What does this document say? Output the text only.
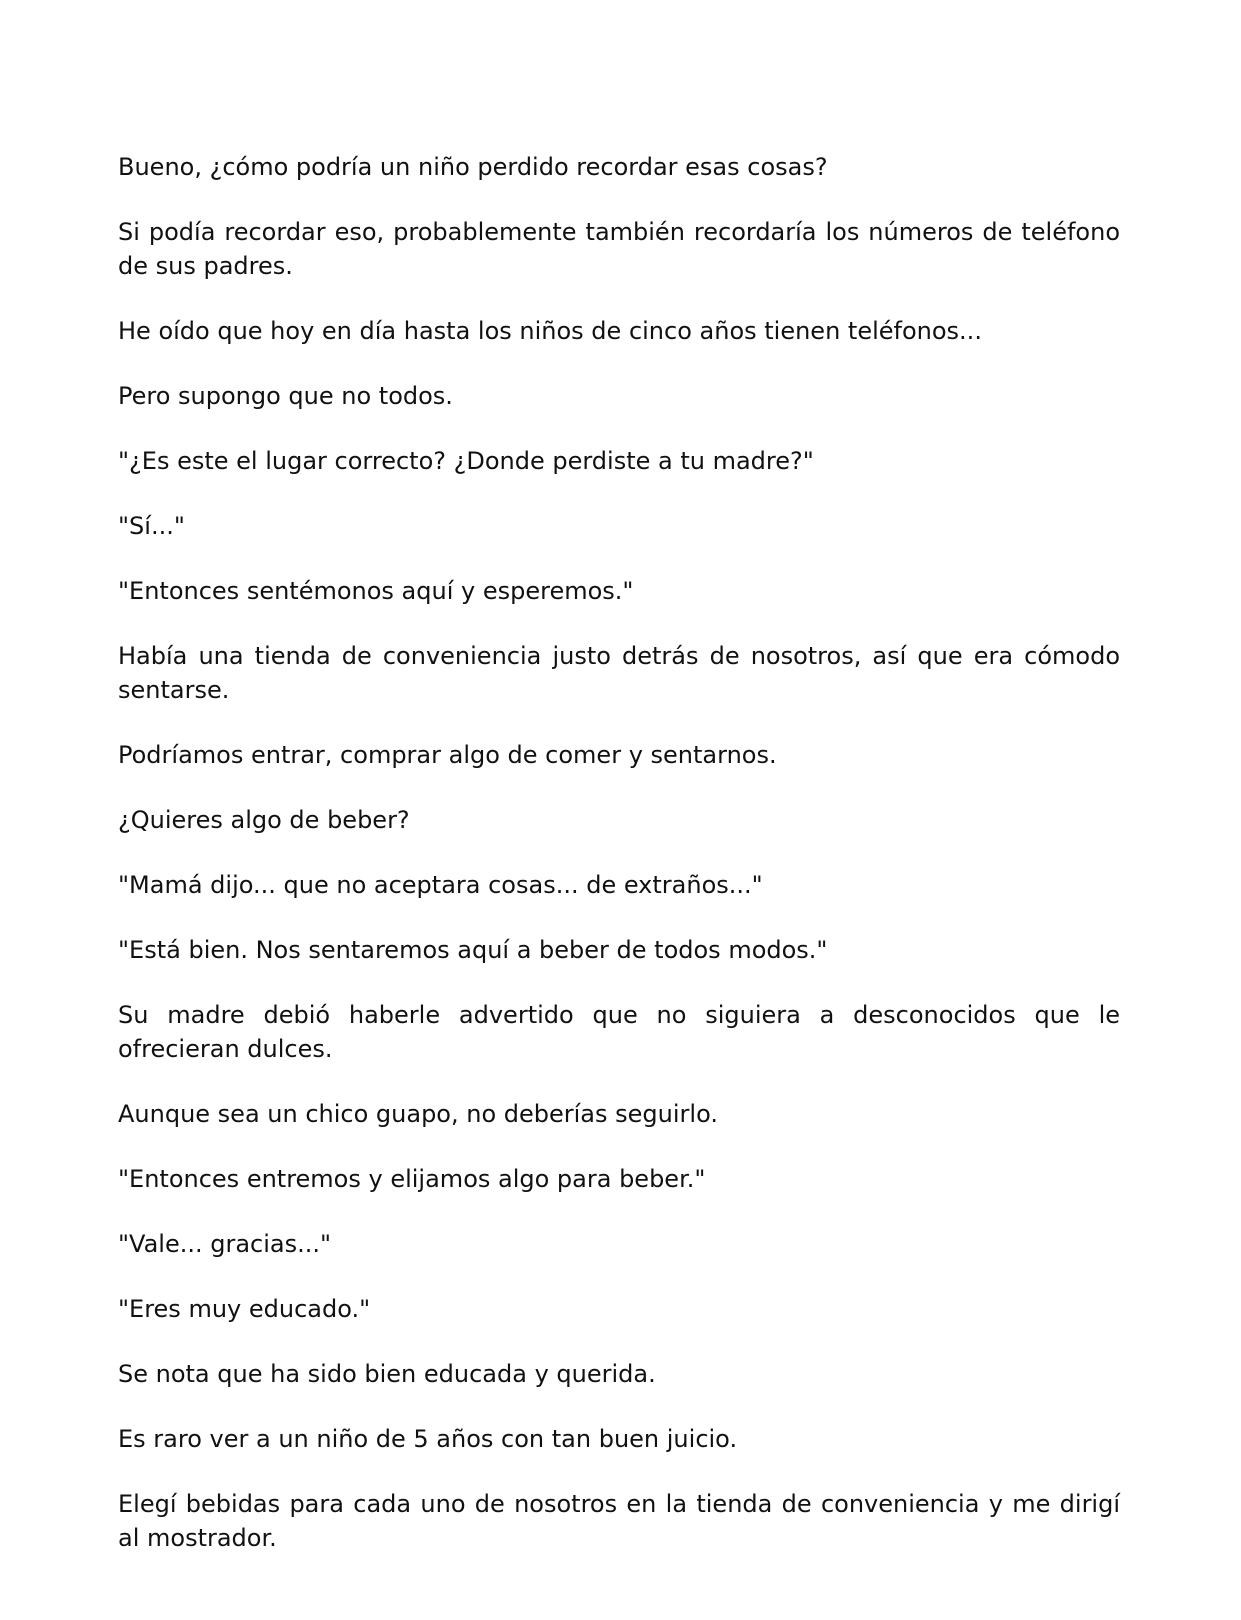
Bueno, ¿cómo podría un niño perdido recordar esas cosas?

Si podía recordar eso, probablemente también recordaría los números de teléfono de sus padres.

He oído que hoy en día hasta los niños de cinco años tienen teléfonos...

Pero supongo que no todos.

"¿Es este el lugar correcto? ¿Donde perdiste a tu madre?"

"Sí..."

"Entonces sentémonos aquí y esperemos."

Había una tienda de conveniencia justo detrás de nosotros, así que era cómodo sentarse.

Podríamos entrar, comprar algo de comer y sentarnos.

¿Quieres algo de beber?

"Mamá dijo... que no aceptara cosas... de extraños..."

"Está bien. Nos sentaremos aquí a beber de todos modos."

Su madre debió haberle advertido que no siguiera a desconocidos que le ofrecieran dulces.

Aunque sea un chico guapo, no deberías seguirlo.

"Entonces entremos y elijamos algo para beber."

"Vale... gracias..."

"Eres muy educado."

Se nota que ha sido bien educada y querida.

Es raro ver a un niño de 5 años con tan buen juicio.

Elegí bebidas para cada uno de nosotros en la tienda de conveniencia y me dirigí al mostrador.
